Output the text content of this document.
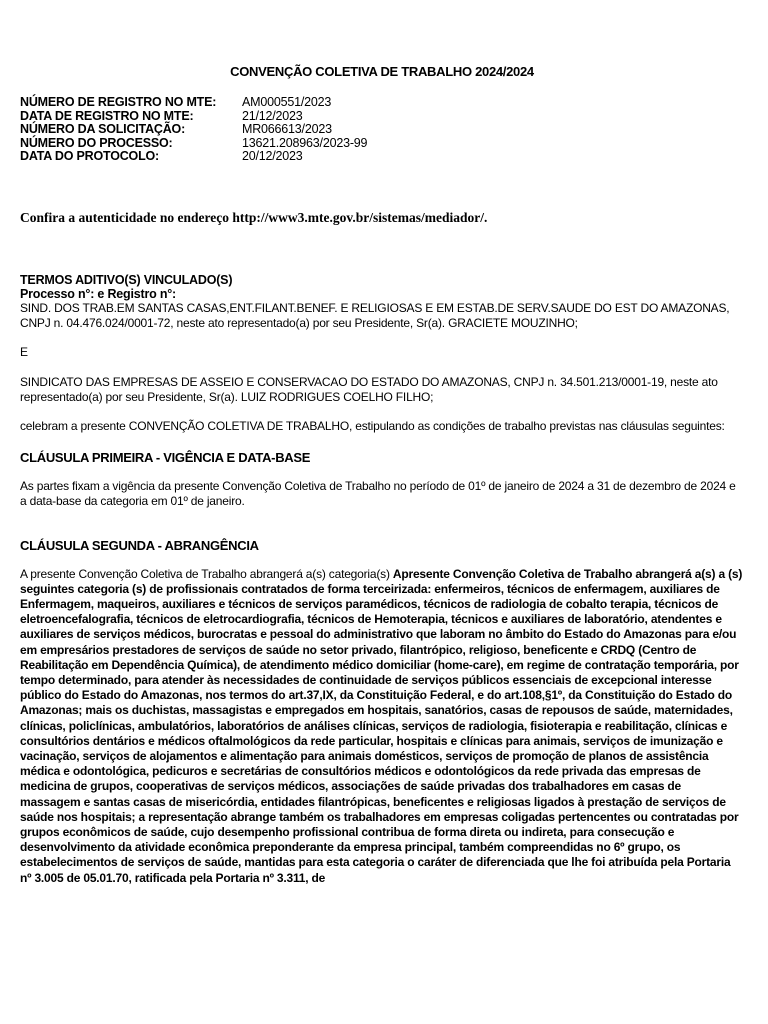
CONVENÇÃO COLETIVA DE TRABALHO 2024/2024

NÚMERO DE REGISTRO NO MTE:	AM000551/2023
DATA DE REGISTRO NO MTE:	21/12/2023
NÚMERO DA SOLICITAÇÃO:	MR066613/2023
NÚMERO DO PROCESSO:	13621.208963/2023-99
DATA DO PROTOCOLO:	20/12/2023

Confira a autenticidade no endereço http://www3.mte.gov.br/sistemas/mediador/.

TERMOS ADITIVO(S) VINCULADO(S)

Processo n°: e Registro n°:

SIND. DOS TRAB.EM SANTAS CASAS,ENT.FILANT.BENEF. E RELIGIOSAS E EM ESTAB.DE SERV.SAUDE DO EST DO AMAZONAS, CNPJ n. 04.476.024/0001-72, neste ato representado(a) por seu Presidente, Sr(a). GRACIETE MOUZINHO;

E

SINDICATO DAS EMPRESAS DE ASSEIO E CONSERVACAO DO ESTADO DO AMAZONAS, CNPJ n. 34.501.213/0001-19, neste ato representado(a) por seu Presidente, Sr(a). LUIZ RODRIGUES COELHO FILHO;

celebram a presente CONVENÇÃO COLETIVA DE TRABALHO, estipulando as condições de trabalho previstas nas cláusulas seguintes:

CLÁUSULA PRIMEIRA - VIGÊNCIA E DATA-BASE

As partes fixam a vigência da presente Convenção Coletiva de Trabalho no período de 01º de janeiro de 2024 a 31 de dezembro de 2024 e a data-base da categoria em 01º de janeiro.

CLÁUSULA SEGUNDA - ABRANGÊNCIA

A presente Convenção Coletiva de Trabalho abrangerá a(s) categoria(s) Apresente Convenção Coletiva de Trabalho abrangerá a(s) a (s) seguintes categoria (s) de profissionais contratados de forma terceirizada: enfermeiros, técnicos de enfermagem, auxiliares de Enfermagem, maqueiros, auxiliares e técnicos de serviços paramédicos, técnicos de radiologia de cobalto terapia, técnicos de eletroencefalografia, técnicos de eletrocardiografia, técnicos de Hemoterapia, técnicos e auxiliares de laboratório, atendentes e auxiliares de serviços médicos, burocratas e pessoal do administrativo que laboram no âmbito do Estado do Amazonas para e/ou em empresários prestadores de serviços de saúde no setor privado, filantrópico, religioso, beneficente e CRDQ (Centro de Reabilitação em Dependência Química), de atendimento médico domiciliar (home-care), em regime de contratação temporária, por tempo determinado, para atender às necessidades de continuidade de serviços públicos essenciais de excepcional interesse público do Estado do Amazonas, nos termos do art.37,IX, da Constituição Federal, e do art.108,§1º, da Constituição do Estado do Amazonas; mais os duchistas, massagistas e empregados em hospitais, sanatórios, casas de repousos de saúde, maternidades, clínicas, policlínicas, ambulatórios, laboratórios de análises clínicas, serviços de radiologia, fisioterapia e reabilitação, clínicas e consultórios dentários e médicos oftalmológicos da rede particular, hospitais e clínicas para animais, serviços de imunização e vacinação, serviços de alojamentos e alimentação para animais domésticos, serviços de promoção de planos de assistência médica e odontológica, pedicuros e secretárias de consultórios médicos e odontológicos da rede privada das empresas de medicina de grupos, cooperativas de serviços médicos, associações de saúde privadas dos trabalhadores em casas de massagem e santas casas de misericórdia, entidades filantrópicas, beneficentes e religiosas ligados à prestação de serviços de saúde nos hospitais; a representação abrange também os trabalhadores em empresas coligadas pertencentes ou contratadas por grupos econômicos de saúde, cujo desempenho profissional contribua de forma direta ou indireta, para consecução e desenvolvimento da atividade econômica preponderante da empresa principal, também compreendidas no 6º grupo, os estabelecimentos de serviços de saúde, mantidas para esta categoria o caráter de diferenciada que lhe foi atribuída pela Portaria nº 3.005 de 05.01.70, ratificada pela Portaria nº 3.311, de
